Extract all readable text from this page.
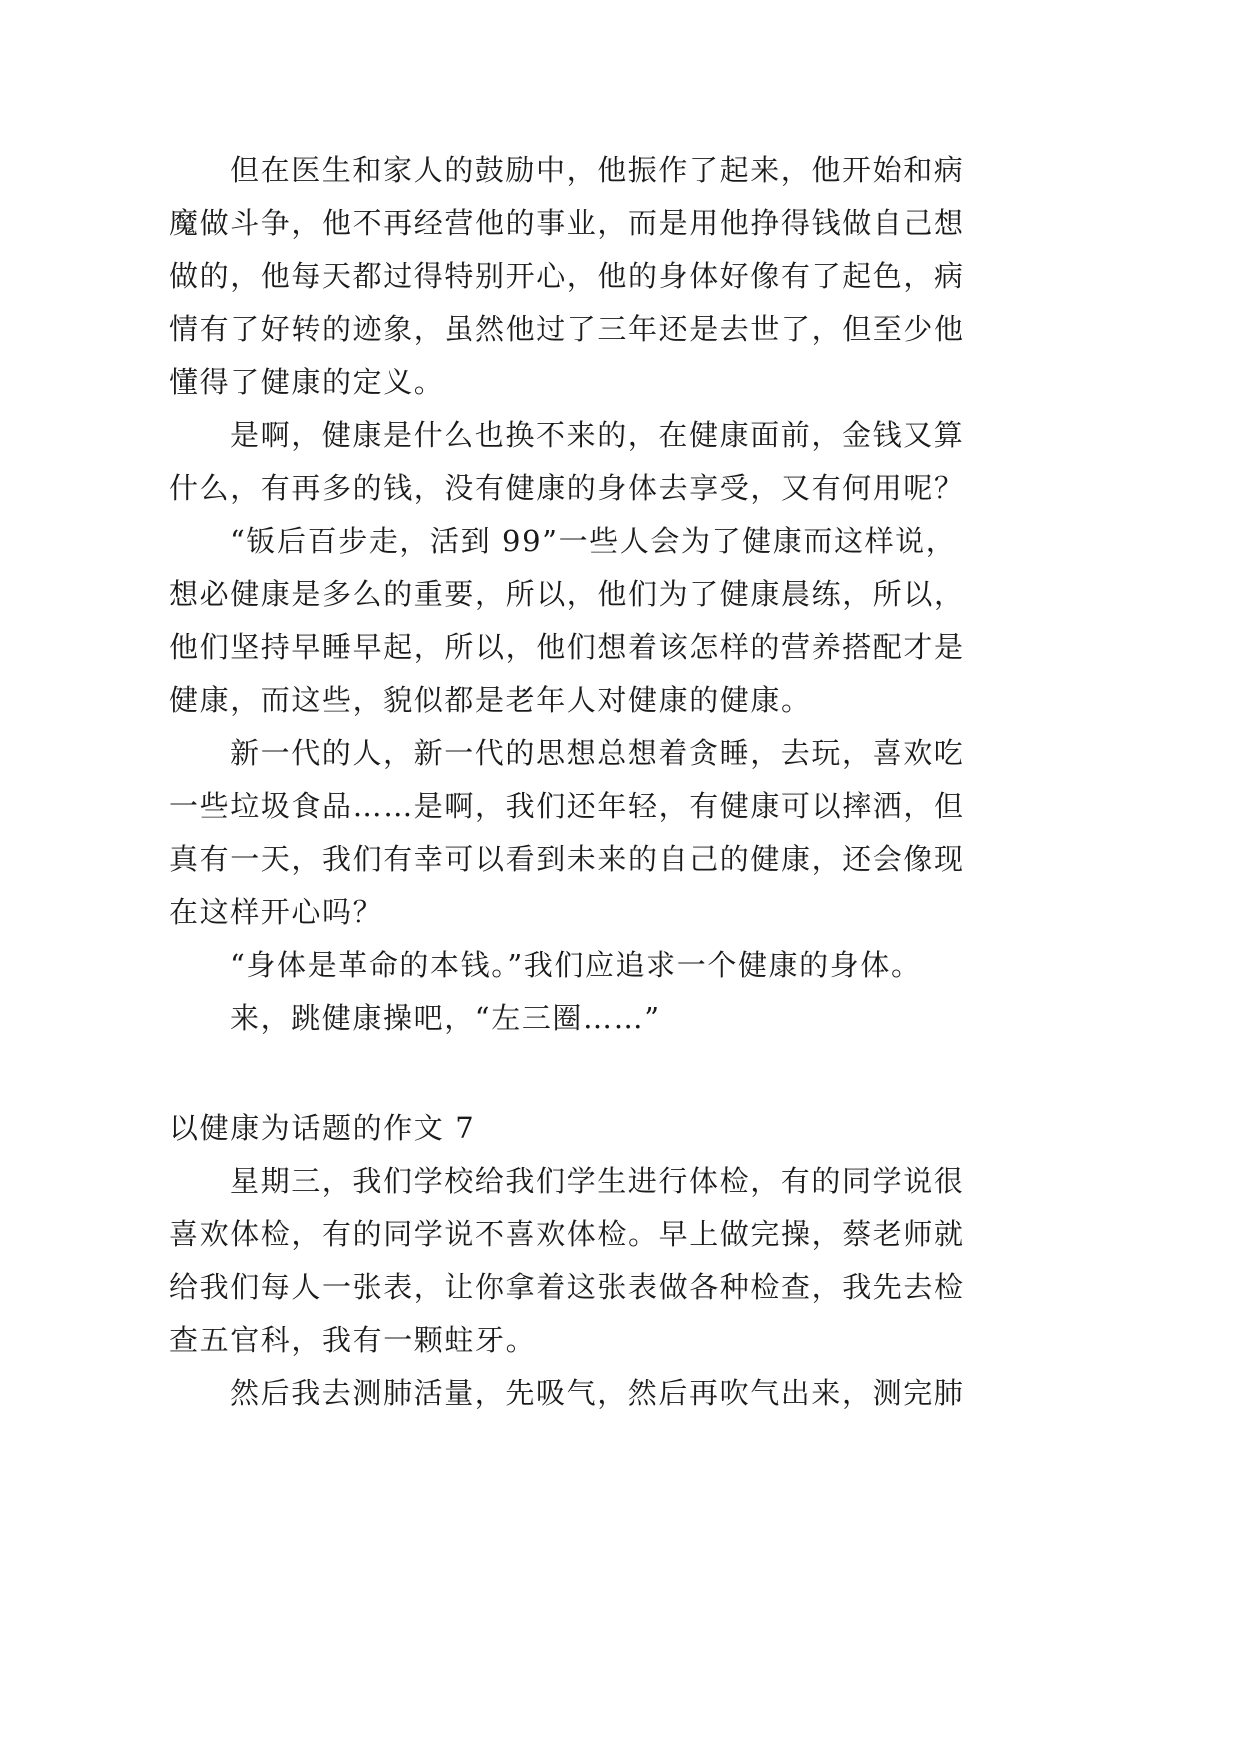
但在医生和家人的鼓励中，他振作了起来，他开始和病
魔做斗争，他不再经营他的事业，而是用他挣得钱做自己想
做的，他每天都过得特别开心，他的身体好像有了起色，病
情有了好转的迹象，虽然他过了三年还是去世了，但至少他
懂得了健康的定义。
是啊，健康是什么也换不来的，在健康面前，金钱又算
什么，有再多的钱，没有健康的身体去享受，又有何用呢？
“钣后百步走，活到 99”一些人会为了健康而这样说，
想必健康是多么的重要，所以，他们为了健康晨练，所以，
他们坚持早睡早起，所以，他们想着该怎样的营养搭配才是
健康，而这些，貌似都是老年人对健康的健康。
新一代的人，新一代的思想总想着贪睡，去玩，喜欢吃
一些垃圾食品……是啊，我们还年轻，有健康可以摔洒，但
真有一天，我们有幸可以看到未来的自己的健康，还会像现
在这样开心吗？
“身体是革命的本钱。”我们应追求一个健康的身体。
来，跳健康操吧，“左三圈……”
以健康为话题的作文 7
星期三，我们学校给我们学生进行体检，有的同学说很
喜欢体检，有的同学说不喜欢体检。早上做完操，蔡老师就
给我们每人一张表，让你拿着这张表做各种检查，我先去检
查五官科，我有一颗蛀牙。
然后我去测肺活量，先吸气，然后再吹气出来，测完肺
